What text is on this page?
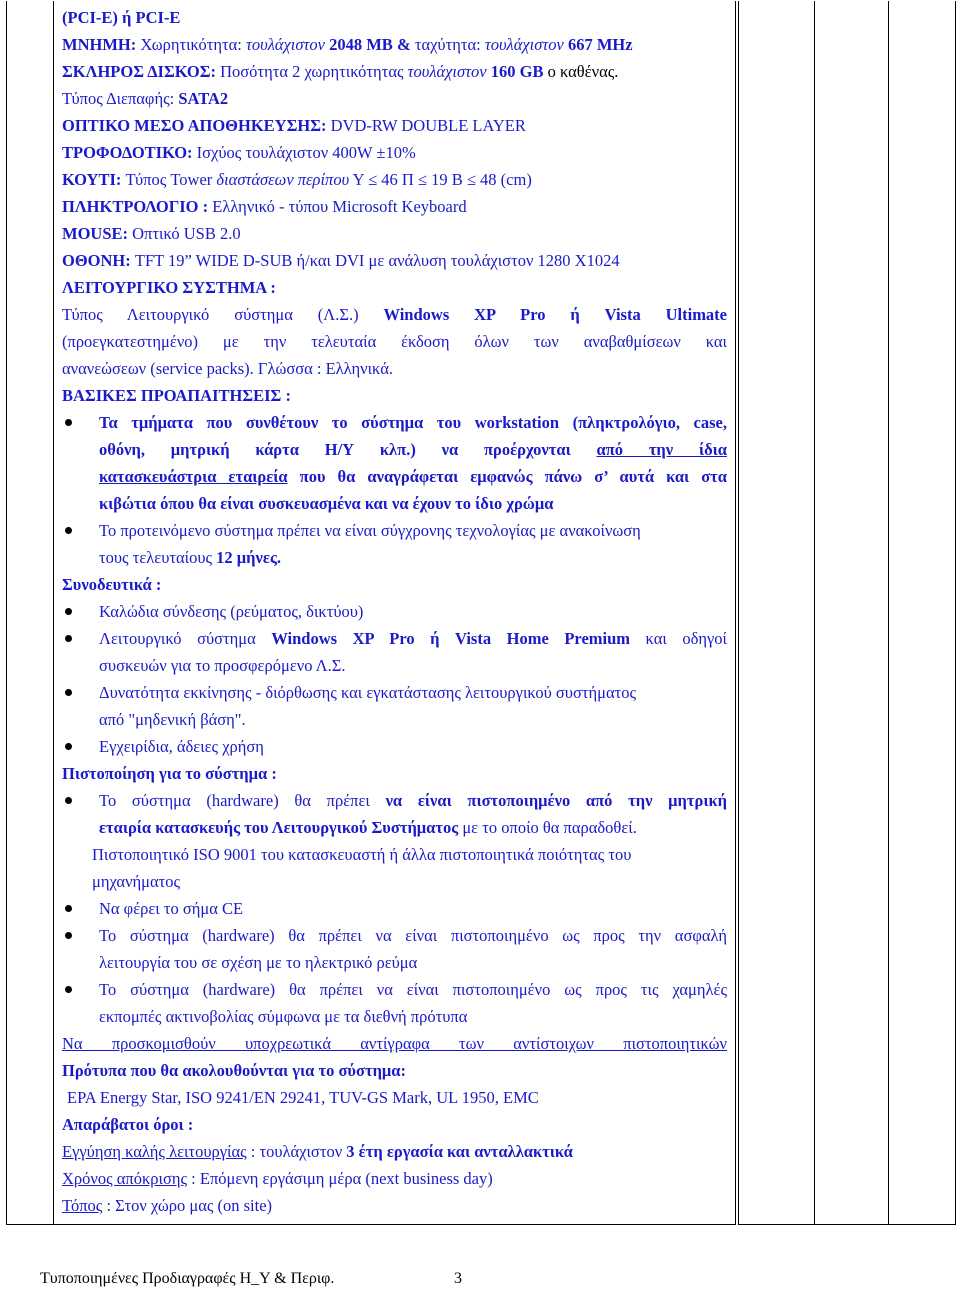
(PCI-E) ή PCI-E
ΜΝΗΜΗ: Χωρητικότητα: τουλάχιστον 2048 MB & ταχύτητα: τουλάχιστον 667 MHz
ΣΚΛΗΡΟΣ ΔΙΣΚΟΣ: Ποσότητα 2 χωρητικότητας τουλάχιστον 160 GB ο καθένας.
Τύπος Διεπαφής: SATA2
ΟΠΤΙΚΟ ΜΕΣΟ ΑΠΟΘΗΚΕΥΣΗΣ: DVD-RW DOUBLE LAYER
ΤΡΟΦΟΔΟΤΙΚΟ: Ισχύος τουλάχιστον 400W ±10%
ΚΟΥΤΙ: Τύπος Tower διαστάσεων περίπου Υ ≤ 46 Π ≤ 19 Β ≤ 48 (cm)
ΠΛΗΚΤΡΟΛΟΓΙΟ : Ελληνικό - τύπου Microsoft Keyboard
MOUSE: Οπτικό USB 2.0
ΟΘΟΝΗ: TFT 19” WIDE D-SUB ή/και DVI με ανάλυση τουλάχιστον 1280 Χ1024
ΛΕΙΤΟΥΡΓΙΚΟ ΣΥΣΤΗΜΑ :
Τύπος Λειτουργικό σύστημα (Λ.Σ.) Windows XP Pro ή Vista Ultimate
(προεγκατεστημένο) με την τελευταία έκδοση όλων των αναβαθμίσεων και
ανανεώσεων (service packs). Γλώσσα : Ελληνικά.
ΒΑΣΙΚΕΣ ΠΡΟΑΠΑΙΤΗΣΕΙΣ :
Τα τμήματα που συνθέτουν το σύστημα του workstation (πληκτρολόγιο, case,
οθόνη, μητρική κάρτα Η/Υ κλπ.) να προέρχονται από την ίδια
κατασκευάστρια εταιρεία που θα αναγράφεται εμφανώς πάνω σ’ αυτά και στα
κιβώτια όπου θα είναι συσκευασμένα και να έχουν το ίδιο χρώμα
Το προτεινόμενο σύστημα πρέπει να είναι σύγχρονης τεχνολογίας με ανακοίνωση
τους τελευταίους 12 μήνες.
Συνοδευτικά :
Καλώδια σύνδεσης (ρεύματος, δικτύου)
Λειτουργικό σύστημα Windows XP Pro ή Vista Home Premium και οδηγοί
συσκευών για το προσφερόμενο Λ.Σ.
Δυνατότητα εκκίνησης - διόρθωσης και εγκατάστασης λειτουργικού συστήματος
από "μηδενική βάση".
Εγχειρίδια, άδειες χρήση
Πιστοποίηση για το σύστημα :
Το σύστημα (hardware) θα πρέπει να είναι πιστοποιημένο από την μητρική
εταιρία κατασκευής του Λειτουργικού Συστήματος με το οποίο θα παραδοθεί.
Πιστοποιητικό ISO 9001 του κατασκευαστή ή άλλα πιστοποιητικά ποιότητας του
μηχανήματος
Να φέρει το σήμα CE
Το σύστημα (hardware) θα πρέπει να είναι πιστοποιημένο ως προς την ασφαλή
λειτουργία του σε σχέση με το ηλεκτρικό ρεύμα
Το σύστημα (hardware) θα πρέπει να είναι πιστοποιημένο ως προς τις χαμηλές
εκπομπές ακτινοβολίας σύμφωνα με τα διεθνή πρότυπα
Να προσκομισθούν υποχρεωτικά αντίγραφα των αντίστοιχων πιστοποιητικών
Πρότυπα που θα ακολουθούνται για το σύστημα:
EPA Energy Star, ISO 9241/EN 29241, TUV-GS Mark, UL 1950, EMC
Απαράβατοι όροι :
Εγγύηση καλής λειτουργίας : τουλάχιστον 3 έτη εργασία και ανταλλακτικά
Χρόνος απόκρισης : Επόμενη εργάσιμη μέρα (next business day)
Τόπος : Στον χώρο μας (on site)
Τυποποιημένες Προδιαγραφές Η_Υ & Περιφ.	3
